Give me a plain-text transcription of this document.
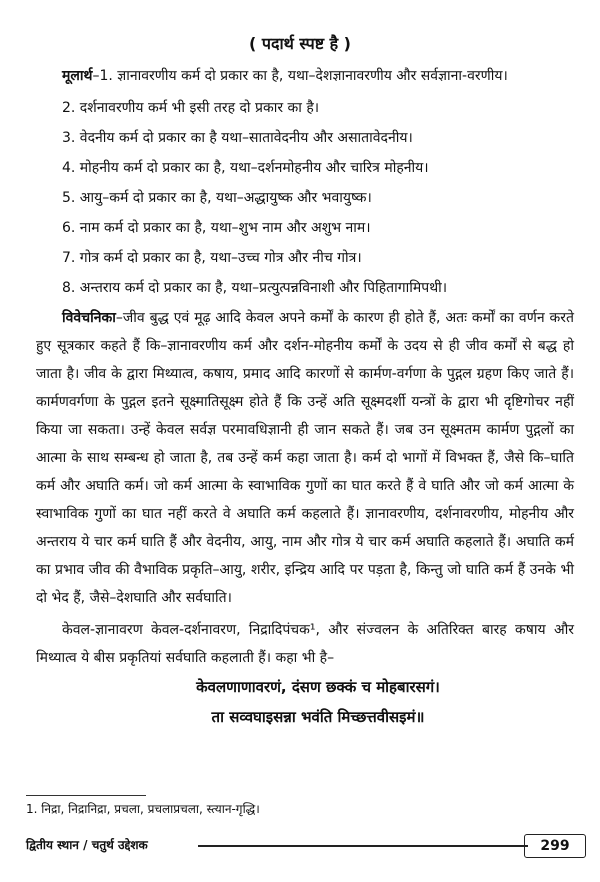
( पदार्थ स्पष्ट है )

मूलार्थ–1. ज्ञानावरणीय कर्म दो प्रकार का है, यथा–देशज्ञानावरणीय और सर्वज्ञाना-वरणीय।

2. दर्शनावरणीय कर्म भी इसी तरह दो प्रकार का है।

3. वेदनीय कर्म दो प्रकार का है यथा–सातावेदनीय और असातावेदनीय।

4. मोहनीय कर्म दो प्रकार का है, यथा–दर्शनमोहनीय और चारित्र मोहनीय।

5. आयु–कर्म दो प्रकार का है, यथा–अद्धायुष्क और भवायुष्क।

6. नाम कर्म दो प्रकार का है, यथा–शुभ नाम और अशुभ नाम।

7. गोत्र कर्म दो प्रकार का है, यथा–उच्च गोत्र और नीच गोत्र।

8. अन्तराय कर्म दो प्रकार का है, यथा–प्रत्युत्पन्नविनाशी और पिहितागामिपथी।

विवेचनिका–जीव बुद्ध एवं मूढ़ आदि केवल अपने कर्मों के कारण ही होते हैं, अतः कर्मों का वर्णन करते हुए सूत्रकार कहते हैं कि–ज्ञानावरणीय कर्म और दर्शन-मोहनीय कर्मों के उदय से ही जीव कर्मों से बद्ध हो जाता है। जीव के द्वारा मिथ्यात्व, कषाय, प्रमाद आदि कारणों से कार्मण-वर्गणा के पुद्गल ग्रहण किए जाते हैं। कार्मणवर्गणा के पुद्गल इतने सूक्ष्मातिसूक्ष्म होते हैं कि उन्हें अति सूक्ष्मदर्शी यन्त्रों के द्वारा भी दृष्टिगोचर नहीं किया जा सकता। उन्हें केवल सर्वज्ञ परमावधिज्ञानी ही जान सकते हैं। जब उन सूक्ष्मतम कार्मण पुद्गलों का आत्मा के साथ सम्बन्ध हो जाता है, तब उन्हें कर्म कहा जाता है। कर्म दो भागों में विभक्त हैं, जैसे कि–घाति कर्म और अघाति कर्म। जो कर्म आत्मा के स्वाभाविक गुणों का घात करते हैं वे घाति और जो कर्म आत्मा के स्वाभाविक गुणों का घात नहीं करते वे अघाति कर्म कहलाते हैं। ज्ञानावरणीय, दर्शनावरणीय, मोहनीय और अन्तराय ये चार कर्म घाति हैं और वेदनीय, आयु, नाम और गोत्र ये चार कर्म अघाति कहलाते हैं। अघाति कर्म का प्रभाव जीव की वैभाविक प्रकृति–आयु, शरीर, इन्द्रिय आदि पर पड़ता है, किन्तु जो घाति कर्म हैं उनके भी दो भेद हैं, जैसे–देशघाति और सर्वघाति।

केवल-ज्ञानावरण केवल-दर्शनावरण, निद्रादिपंचक¹, और संज्वलन के अतिरिक्त बारह कषाय और मिथ्यात्व ये बीस प्रकृतियां सर्वघाति कहलाती हैं। कहा भी है–

केवलणाणावरणं, दंसण छक्कं च मोहबारसगं।

ता सव्वघाइसन्ना भवंति मिच्छत्तवीसइमं॥

1. निद्रा, निद्रानिद्रा, प्रचला, प्रचलाप्रचला, स्त्यान-गृद्धि।
द्वितीय स्थान / चतुर्थ उद्देशक	299
